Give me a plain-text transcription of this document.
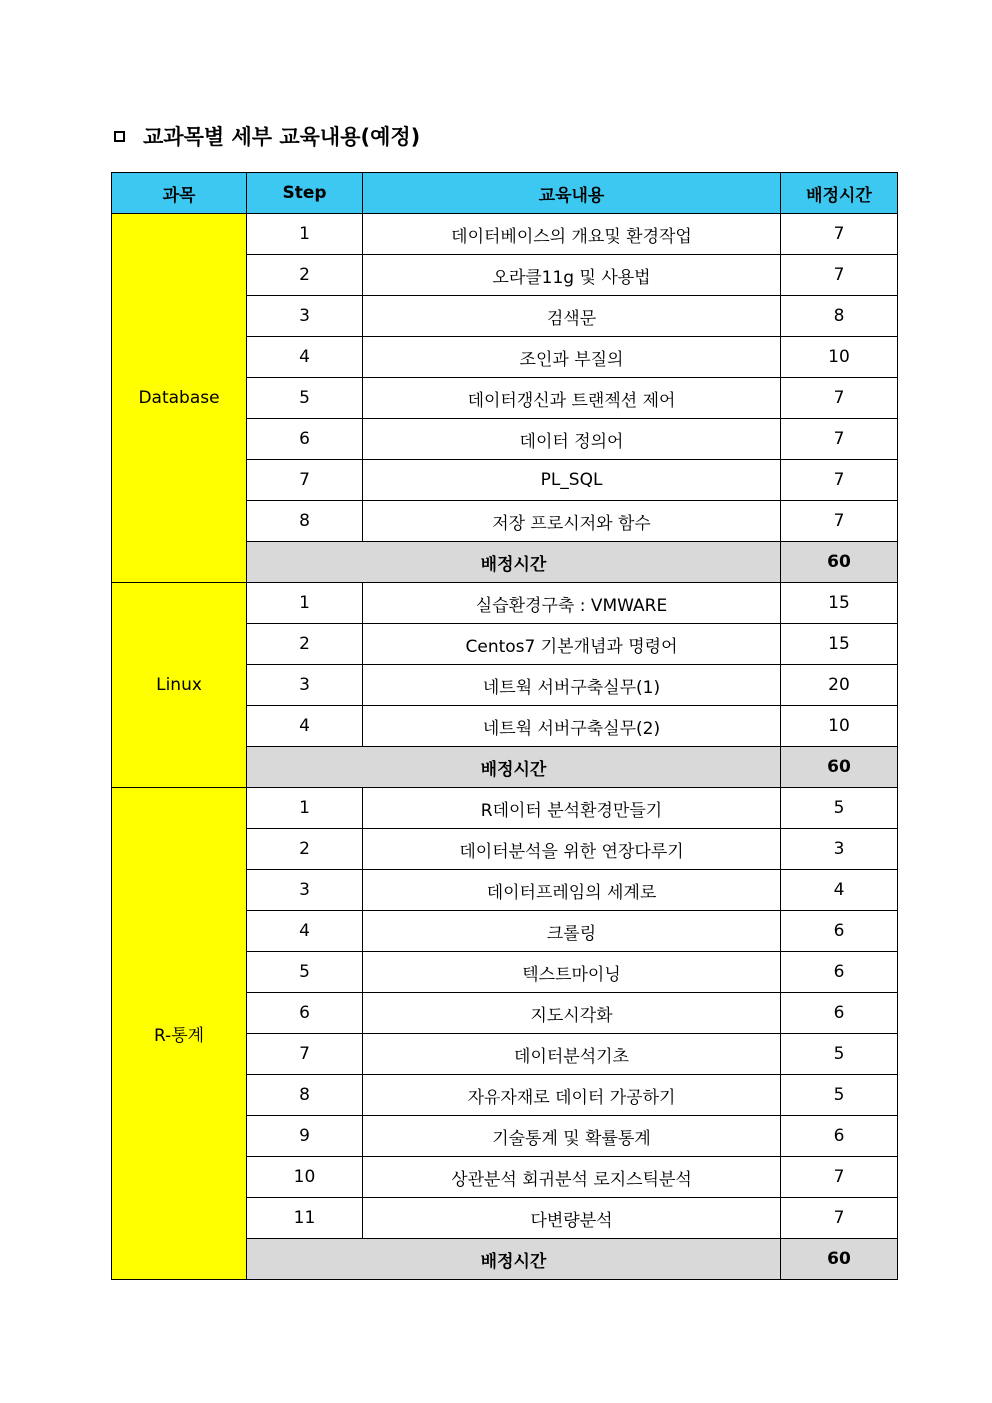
교과목별 세부 교육내용(예정)
과목	Step	교육내용	배정시간
Database	1	데이터베이스의 개요및 환경작업	7
	2	오라클11g 및 사용법	7
	3	검색문	8
	4	조인과 부질의	10
	5	데이터갱신과 트랜젝션 제어	7
	6	데이터 정의어	7
	7	PL_SQL	7
	8	저장 프로시저와 함수	7
	배정시간		60
Linux	1	실습환경구축 : VMWARE	15
	2	Centos7 기본개념과 명령어	15
	3	네트웍 서버구축실무(1)	20
	4	네트웍 서버구축실무(2)	10
	배정시간		60
R-통계	1	R데이터 분석환경만들기	5
	2	데이터분석을 위한 연장다루기	3
	3	데이터프레임의 세계로	4
	4	크롤링	6
	5	텍스트마이닝	6
	6	지도시각화	6
	7	데이터분석기초	5
	8	자유자재로 데이터 가공하기	5
	9	기술통계 및 확률통계	6
	10	상관분석 회귀분석 로지스틱분석	7
	11	다변량분석	7
	배정시간		60
